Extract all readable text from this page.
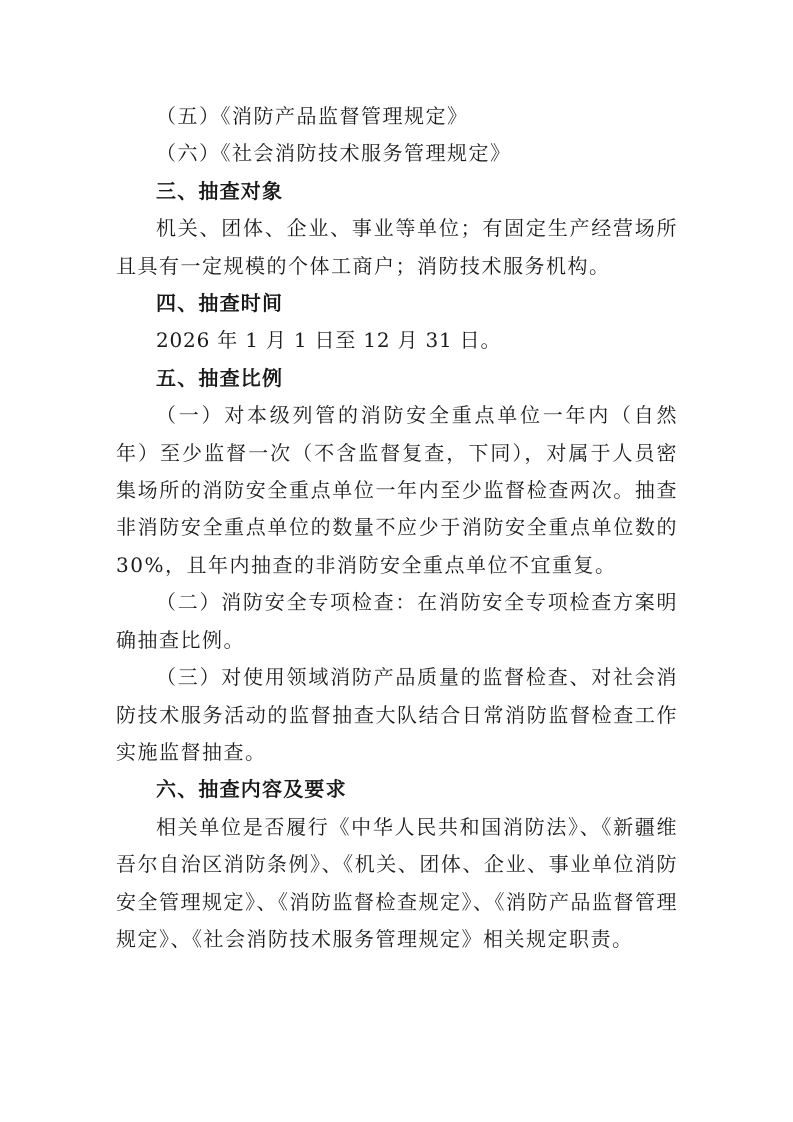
（五）《消防产品监督管理规定》

（六）《社会消防技术服务管理规定》

三、抽查对象

机关、团体、企业、事业等单位；有固定生产经营场所且具有一定规模的个体工商户；消防技术服务机构。

四、抽查时间

2026 年 1 月 1 日至 12 月 31 日。

五、抽查比例

（一）对本级列管的消防安全重点单位一年内（自然年）至少监督一次（不含监督复查，下同），对属于人员密集场所的消防安全重点单位一年内至少监督检查两次。抽查非消防安全重点单位的数量不应少于消防安全重点单位数的30%，且年内抽查的非消防安全重点单位不宜重复。

（二）消防安全专项检查：在消防安全专项检查方案明确抽查比例。

（三）对使用领域消防产品质量的监督检查、对社会消防技术服务活动的监督抽查大队结合日常消防监督检查工作实施监督抽查。

六、抽查内容及要求

相关单位是否履行《中华人民共和国消防法》、《新疆维吾尔自治区消防条例》、《机关、团体、企业、事业单位消防安全管理规定》、《消防监督检查规定》、《消防产品监督管理规定》、《社会消防技术服务管理规定》相关规定职责。
